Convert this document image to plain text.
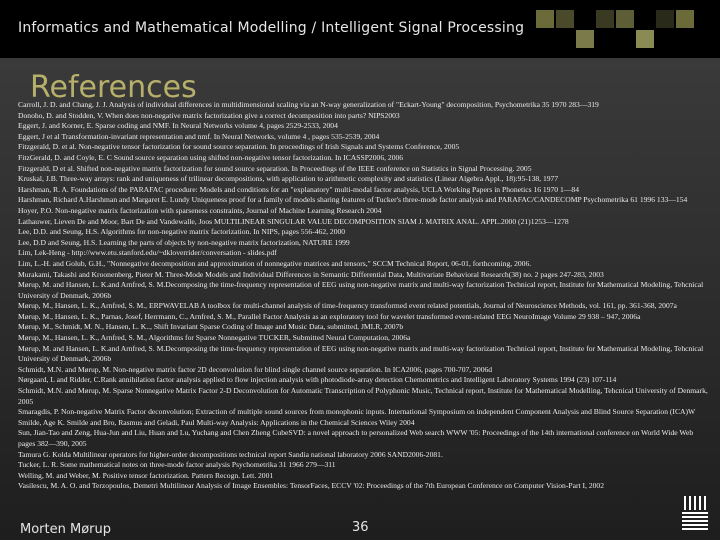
Informatics and Mathematical Modelling / Intelligent Signal Processing
References
Carroll, J. D. and Chang, J. J. Analysis of individual differences in multidimensional scaling via an N-way generalization of "Eckart-Young" decomposition, Psychometrika 35 1970 283—319
Donoho, D. and Stodden, V. When does non-negative matrix factorization give a correct decomposition into parts? NIPS2003
Eggert, J. and Korner, E. Sparse coding and NMF. In Neural Networks volume 4, pages 2529-2533, 2004
Eggert, J et al Transformation-invariant representation and nmf. In Neural Networks, volume 4 , pages 535-2539, 2004
Fitzgerald, D. et al. Non-negative tensor factorization for sound source separation. In proceedings of Irish Signals and Systems Conference, 2005
FitzGerald, D. and Coyle, E. C Sound source separation using shifted non-negative tensor factorization. In ICASSP2006, 2006
Fitzgerald, D et al. Shifted non-negative matrix factorization for sound source separation. In Proceedings of the IEEE conference on Statistics in Signal Processing. 2005
Kruskal, J.B. Three-way arrays: rank and uniqueness of trilinear decompositions, with application to arithmetic complexity and statistics (Linear Algebra Appl., 18):95-138, 1977
Harshman, R. A. Foundations of the PARAFAC procedure: Models and conditions for an "explanatory" multi-modal factor analysis, UCLA Working Papers in Phonetics 16 1970 1—84
Harshman, Richard A.Harshman and Margaret E. Lundy Uniqueness proof for a family of models sharing features of Tucker's three-mode factor analysis and PARAFAC/CANDECOMP Psychometrika 61 1996 133—154
Hoyer, P.O. Non-negative matrix factorization with sparseness constraints, Journal of Machine Learning Research 2004
Lathauwer, Lieven De and Moor, Bart De and Vandewalle, Joos MULTILINEAR SINGULAR VALUE DECOMPOSITION SIAM J. MATRIX ANAL. APPL.2000 (21)1253—1278
Lee, D.D. and Seung, H.S. Algorithms for non-negative matrix factorization. In NIPS, pages 556-462, 2000
Lee, D.D and Seung, H.S. Learning the parts of objects by non-negative matrix factorization, NATURE 1999
Lim, Lek-Heng - http://www.etu.stanford.edu/~dkloverrider/conversation - slides.pdf
Lim, L.-H. and Golub, G.H., "Nonnegative decomposition and approximation of nonnegative matrices and tensors," SCCM Technical Report, 06-01, forthcoming, 2006.
Murakami, Takashi and Kroonenberg, Pieter M. Three-Mode Models and Individual Differences in Semantic Differential Data, Multivariate Behavioral Research(38) no. 2 pages 247-283, 2003
Mørup, M. and Hansen, L. K.and Arnfred, S. M.Decomposing the time-frequency representation of EEG using non-negative matrix and multi-way factorization Technical report, Institute for Mathematical Modeling, Tehcnical University of Denmark, 2006b
Mørup, M., Hansen, L. K., Arnfred, S. M., ERPWAVELAB A toolbox for multi-channel analysis of time-frequency transformed event related potentials, Journal of Neuroscience Methods, vol. 161, pp. 361-368, 2007a
Mørup, M., Hansen, L. K., Parnas, Josef, Herrmann, C., Arnfred, S. M., Parallel Factor Analysis as an exploratory tool for wavelet transformed event-related EEG NeuroImage Volume 29 938 – 947, 2006a
Mørup, M., Schmidt, M. N., Hansen, L. K.., Shift Invariant Sparse Coding of Image and Music Data, submitted, JMLR, 2007b
Mørup, M., Hansen, L. K., Arnfred, S. M., Algorithms for Sparse Nonnegative TUCKER, Submitted Neural Computation, 2006a
Mørup, M. and Hansen, L. K.and Arnfred, S. M.Decomposing the time-frequency representation of EEG using non-negative matrix and multi-way factorization Technical report, Institute for Mathematical Modeling, Tehcnical University of Denmark, 2006b
Schmidt, M.N. and Mørup, M. Non-negative matrix factor 2D deconvolution for blind single channel source separation. In ICA2006, pages 700-707, 2006d
Nørgaard, L and Ridder, C.Rank annihilation factor analysis applied to flow injection analysis with photodiode-array detection Chemometrics and Intelligent Laboratory Systems 1994 (23) 107-114
Schmidt, M.N. and Mørup, M. Sparse Nonnegative Matrix Factor 2-D Deconvolution for Automatic Transcription of Polyphonic Music, Technical report, Institute for Mathematical Modelling, Tehcnical University of Denmark, 2005
Smaragdis, P. Non-negative Matrix Factor deconvolution; Extraction of multiple sound sources from monophonic inputs. International Symposium on independent Component Analysis and Blind Source Separation (ICA)W
Smilde, Age K. Smilde and Bro, Rasmus and Geladi, Paul Multi-way Analysis: Applications in the Chemical Sciences Wiley 2004
Sun, Jian-Tao and Zeng, Hua-Jun and Liu, Huan and Lu, Yuchang and Chen Zheng CubeSVD: a novel approach to personalized Web search WWW '05: Proceedings of the 14th international conference on World Wide Web pages 382—390, 2005
Tamura G. Kolda Multilinear operators for higher-order decompositions technical report Sandia national laboratory 2006 SAND2006-2081.
Tucker, L. R. Some mathematical notes on three-mode factor analysis Psychometrika 31 1966 279—311
Welling, M. and Weber, M. Positive tensor factorization. Pattern Recogn. Lett. 2001
Vasilescu, M. A. O. and Terzopoulos, Demetri Multilinear Analysis of Image Ensembles: TensorFaces, ECCV '02: Proceedings of the 7th European Conference on Computer Vision-Part I, 2002
Morten Mørup	36
